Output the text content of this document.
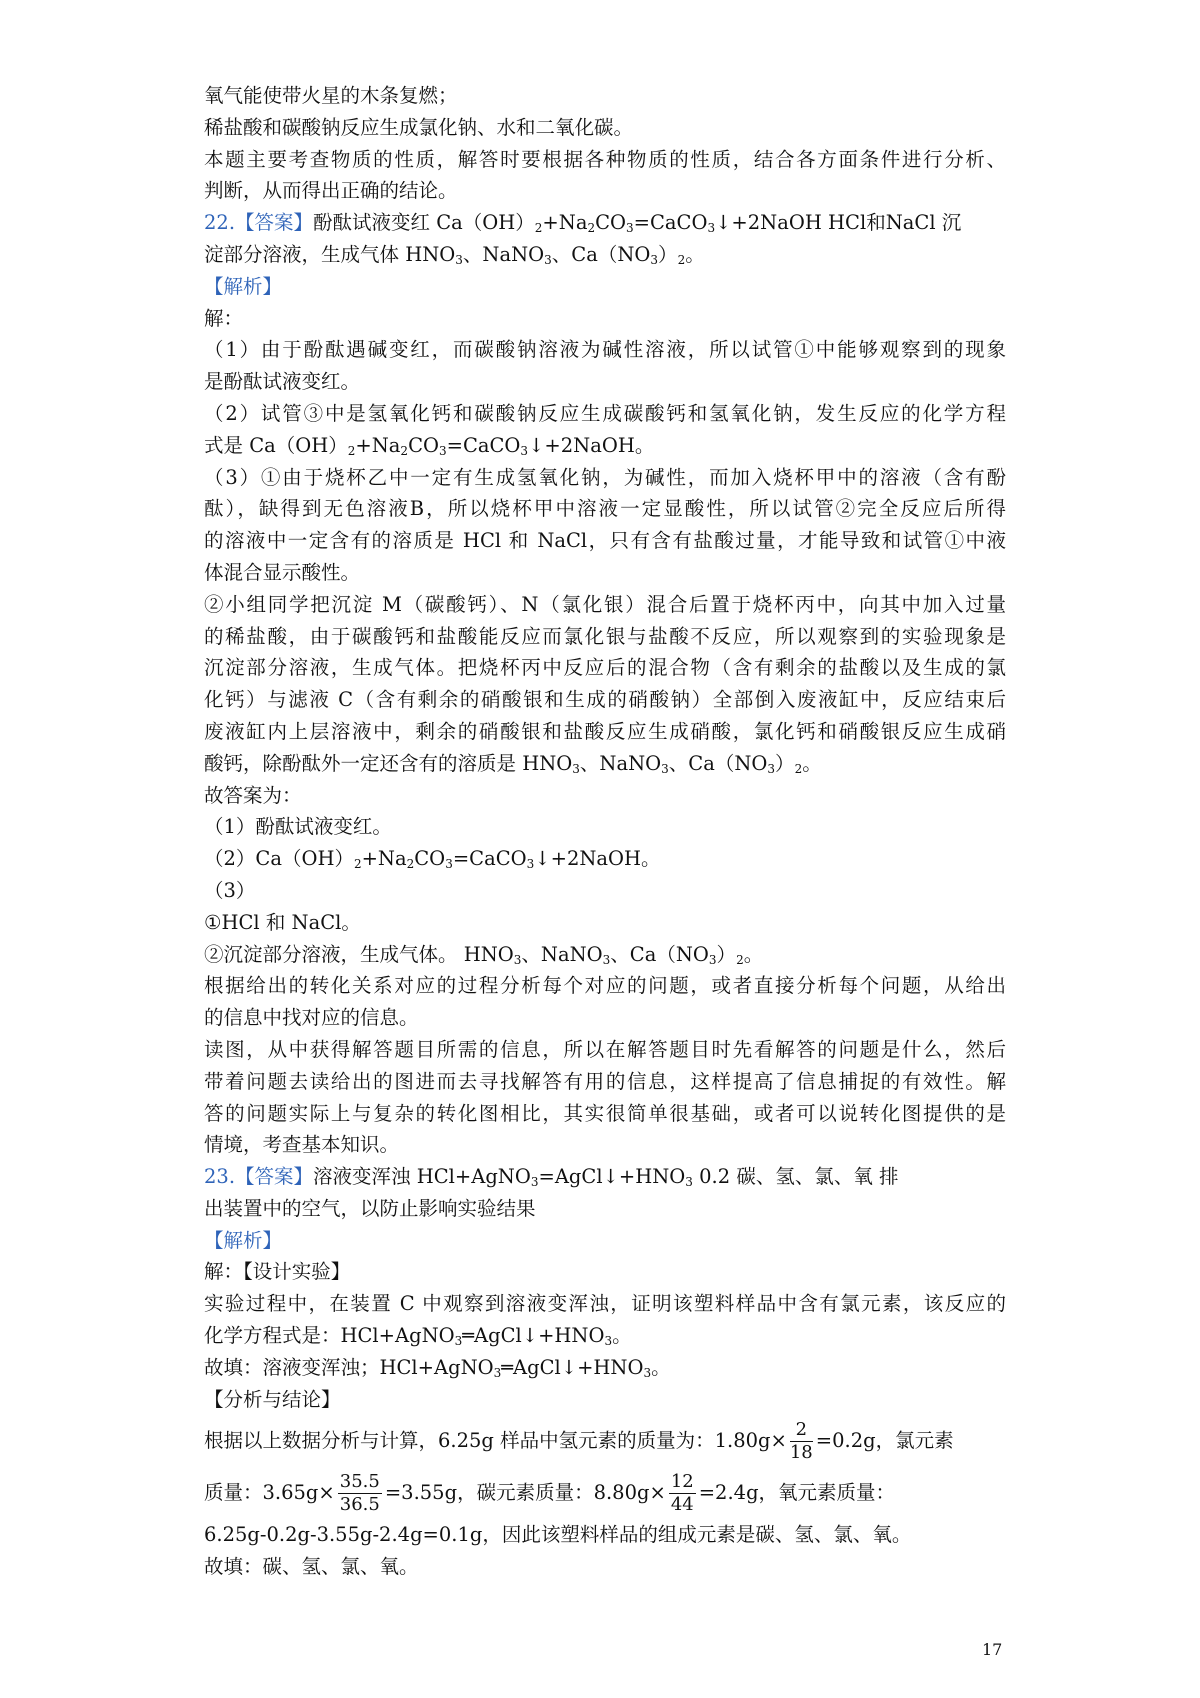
氧气能使带火星的木条复燃；
稀盐酸和碳酸钠反应生成氯化钠、水和二氧化碳。
本题主要考查物质的性质，解答时要根据各种物质的性质，结合各方面条件进行分析、
判断，从而得出正确的结论。
22.【答案】酚酞试液变红 $Ca(OH)_2+Na_2CO_3=CaCO_3↓+2NaOH$ HCl和NaCl 沉
淀部分溶液，生成气体 $HNO_3$、NaNO$_3$、$Ca(NO_3)_2$。
【解析】
解：
（1）由于酚酞遇碱变红，而碳酸钠溶液为碱性溶液，所以试管①中能够观察到的现象
是酚酞试液变红。
（2）试管③中是氢氧化钙和碳酸钠反应生成碳酸钙和氢氧化钠，发生反应的化学方程
式是 $Ca(OH)_2+Na_2CO_3=CaCO_3↓+2NaOH$。
（3）①由于烧杯乙中一定有生成氢氧化钠，为碱性，而加入烧杯甲中的溶液（含有酚
酞），缺得到无色溶液B，所以烧杯甲中溶液一定显酸性，所以试管②完全反应后所得
的溶液中一定含有的溶质是 HCl 和 NaCl，只有含有盐酸过量，才能导致和试管①中液
体混合显示酸性。
②小组同学把沉淀 M（碳酸钙）、N（氯化银）混合后置于烧杯丙中，向其中加入过量
的稀盐酸，由于碳酸钙和盐酸能反应而氯化银与盐酸不反应，所以观察到的实验现象是
沉淀部分溶液，生成气体。把烧杯丙中反应后的混合物（含有剩余的盐酸以及生成的氯
化钙）与滤液 C（含有剩余的硝酸银和生成的硝酸钠）全部倒入废液缸中，反应结束后
废液缸内上层溶液中，剩余的硝酸银和盐酸反应生成硝酸，氯化钙和硝酸银反应生成硝
酸钙，除酚酞外一定还含有的溶质是 $HNO_3$、NaNO$_3$、$Ca(NO_3)_2$。
故答案为：
（1）酚酞试液变红。
$(2)Ca(OH)_2+Na_2CO_3=CaCO_3↓+2NaOH$。
（3）
①HCl 和 NaCl。
②沉淀部分溶液，生成气体。 $HNO_3$、NaNO$_3$、$Ca(NO_3)_2$。
根据给出的转化关系对应的过程分析每个对应的问题，或者直接分析每个问题，从给出
的信息中找对应的信息。
读图，从中获得解答题目所需的信息，所以在解答题目时先看解答的问题是什么，然后
带着问题去读给出的图进而去寻找解答有用的信息，这样提高了信息捕捉的有效性。解
答的问题实际上与复杂的转化图相比，其实很简单很基础，或者可以说转化图提供的是
情境，考查基本知识。
23.【答案】溶液变浑浊 $HCl+AgNO_3=AgCl↓+HNO_3$ 0.2 碳、氢、氯、氧 排
出装置中的空气，以防止影响实验结果
【解析】
解：【设计实验】
实验过程中，在装置 C 中观察到溶液变浑浊，证明该塑料样品中含有氯元素，该反应的
化学方程式是：$HCl+AgNO_3═AgCl↓+HNO_3$。
故填：溶液变浑浊；$HCl+AgNO_3═AgCl↓+HNO_3$。
【分析与结论】
根据以上数据分析与计算，6.25g 样品中氢元素的质量为：$1.80g\times \frac{2}{18} =0.2g$，氯元素
质量：$3.65g\times \frac{35.5}{36.5} =3.55g$，碳元素质量：$8.80g\times \frac{12}{44} =2.4g$，氧元素质量：
6.25g-0.2g-3.55g-2.4g=0.1g，因此该塑料样品的组成元素是碳、氢、氯、氧。
故填：碳、氢、氯、氧。
17
